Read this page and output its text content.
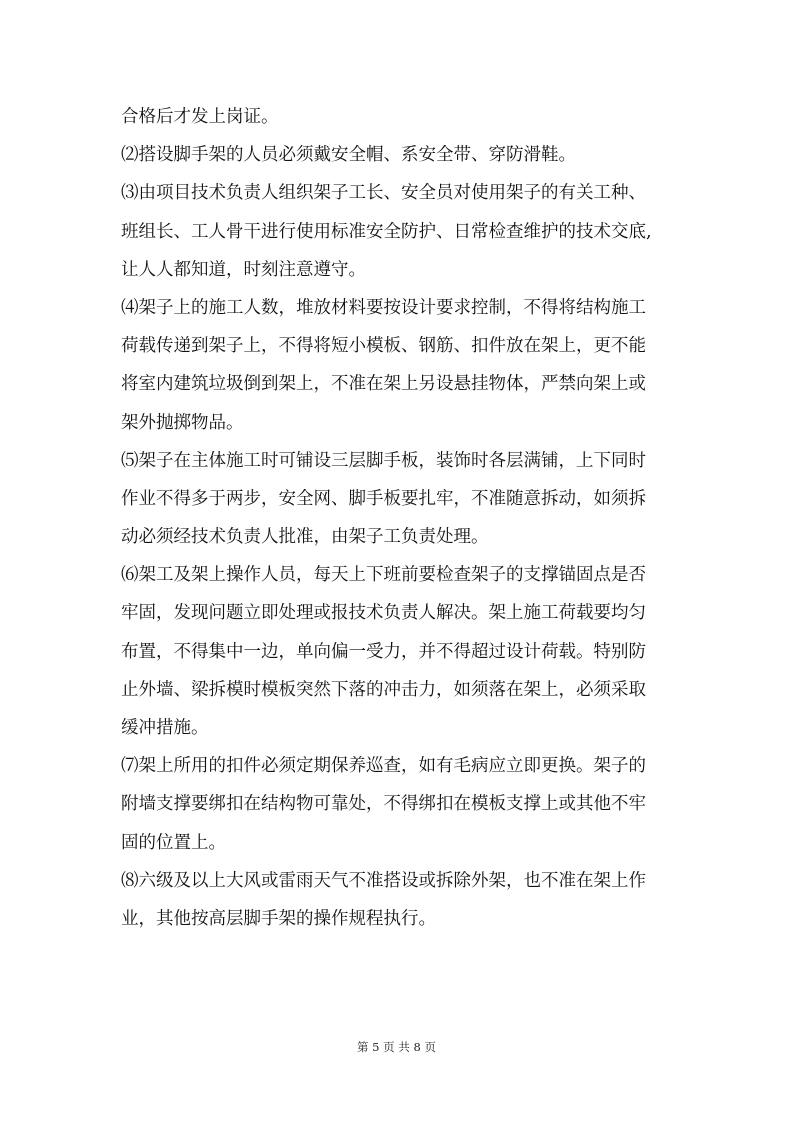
合格后才发上岗证。
⑵搭设脚手架的人员必须戴安全帽、系安全带、穿防滑鞋。
⑶由项目技术负责人组织架子工长、安全员对使用架子的有关工种、
班组长、工人骨干进行使用标准安全防护、日常检查维护的技术交底,
让人人都知道，时刻注意遵守。
⑷架子上的施工人数，堆放材料要按设计要求控制，不得将结构施工
荷载传递到架子上，不得将短小模板、钢筋、扣件放在架上，更不能
将室内建筑垃圾倒到架上，不准在架上另设悬挂物体，严禁向架上或
架外抛掷物品。
⑸架子在主体施工时可铺设三层脚手板，装饰时各层满铺，上下同时
作业不得多于两步，安全网、脚手板要扎牢，不准随意拆动，如须拆
动必须经技术负责人批准，由架子工负责处理。
⑹架工及架上操作人员，每天上下班前要检查架子的支撑锚固点是否
牢固，发现问题立即处理或报技术负责人解决。架上施工荷载要均匀
布置，不得集中一边，单向偏一受力，并不得超过设计荷载。特别防
止外墙、梁拆模时模板突然下落的冲击力，如须落在架上，必须采取
缓冲措施。
⑺架上所用的扣件必须定期保养巡查，如有毛病应立即更换。架子的
附墙支撑要绑扣在结构物可靠处，不得绑扣在模板支撑上或其他不牢
固的位置上。
⑻六级及以上大风或雷雨天气不准搭设或拆除外架，也不准在架上作
业，其他按高层脚手架的操作规程执行。
第 5 页 共 8 页
